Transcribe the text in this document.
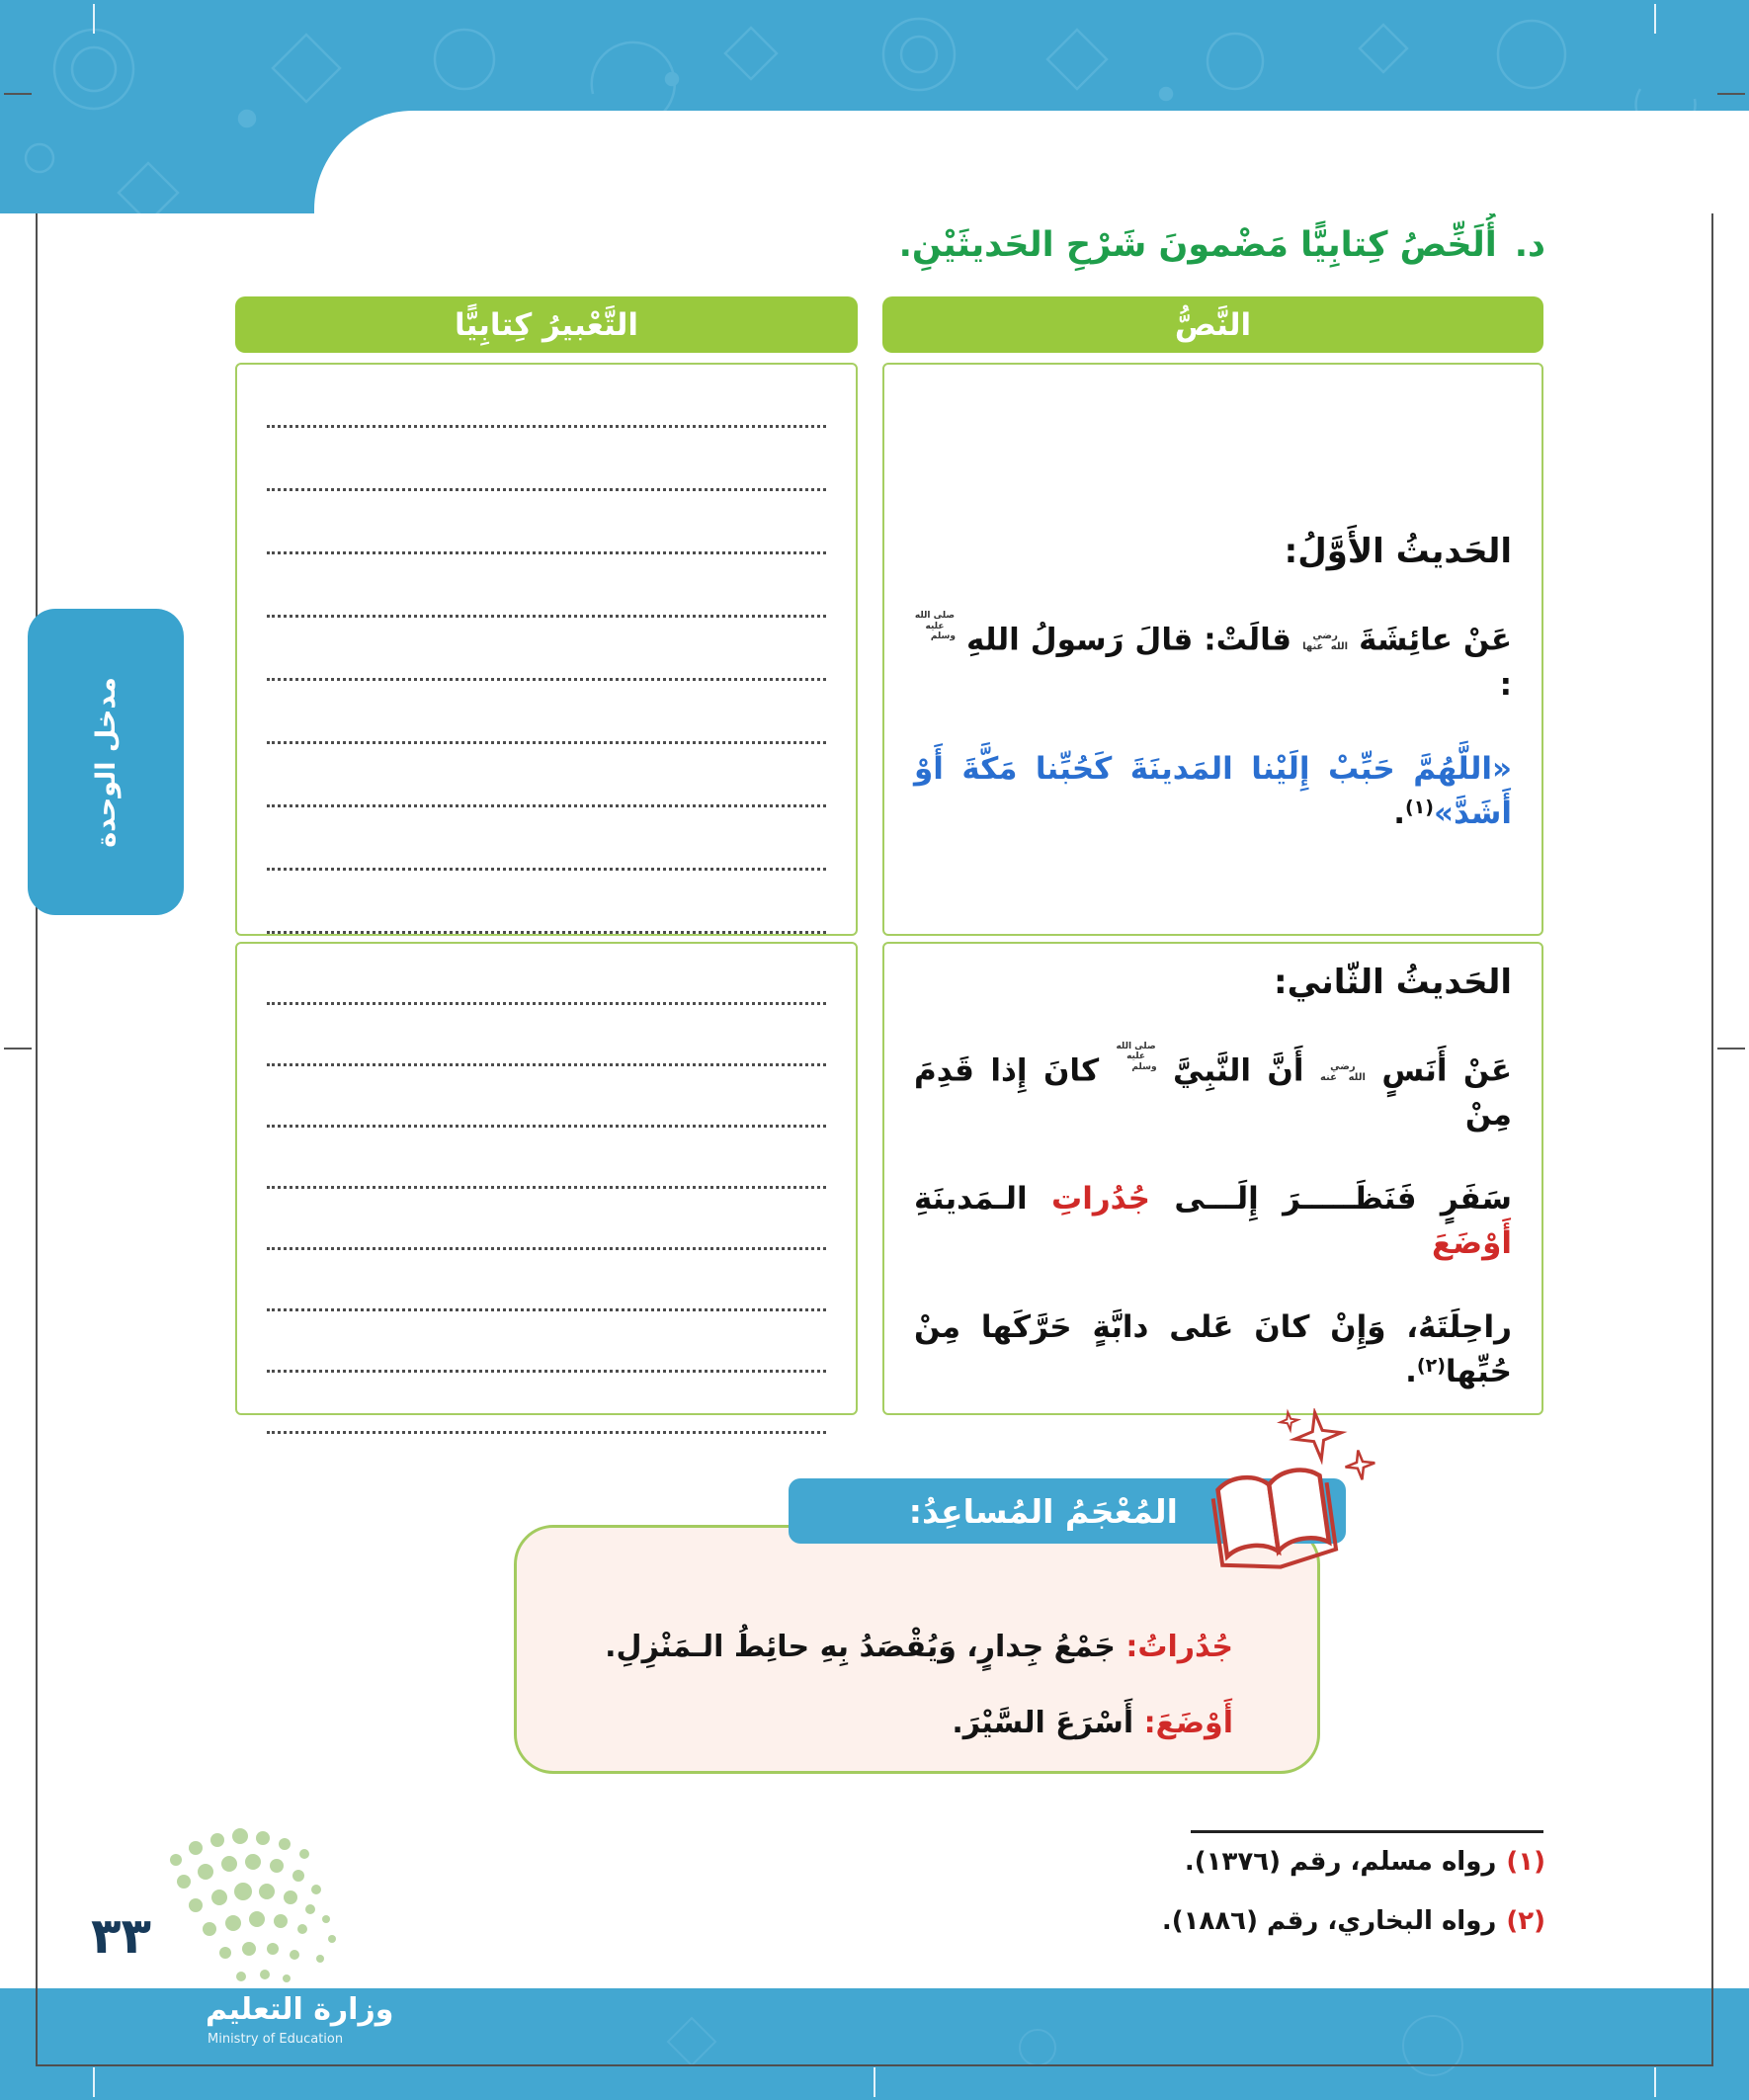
مدخل الوحدة
د.أُلَخِّصُ كِتابِيًّا مَضْمونَ شَرْحِ الحَديثَيْنِ.
النَّصُّ
التَّعْبيرُ كِتابِيًّا
الحَديثُ الأَوَّلُ:
عَنْ عائِشَةَ رضي الله عنها قالَتْ: قالَ رَسولُ اللهِ صلى الله عليه وسلم :
«اللَّهُمَّ حَبِّبْ إِلَيْنا المَدينَةَ كَحُبِّنا مَكَّةَ أَوْ أَشَدَّ»$^{(١)}$.
الحَديثُ الثّاني:
عَنْ أَنَسٍ رضي الله عنه أَنَّ النَّبِيَّ صلى الله عليه وسلم كانَ إِذا قَدِمَ مِنْ
سَفَرٍ فَنَظَـــــرَ إِلَـــى جُدُراتِ الـمَدينَةِ أَوْضَعَ
راحِلَتَهُ، وَإِنْ كانَ عَلى دابَّةٍ حَرَّكَها مِنْ حُبِّها$^{(٢)}$.
جُدُراتُ: جَمْعُ جِدارٍ، وَيُقْصَدُ بِهِ حائِطُ الـمَنْزِلِ.
أَوْضَعَ: أَسْرَعَ السَّيْرَ.
المُعْجَمُ المُساعِدُ:
(١)رواه مسلم، رقم (١٣٧٦).
(٢)رواه البخاري، رقم (١٨٨٦).
وزارة التعليم
Ministry of Education
٣٣
